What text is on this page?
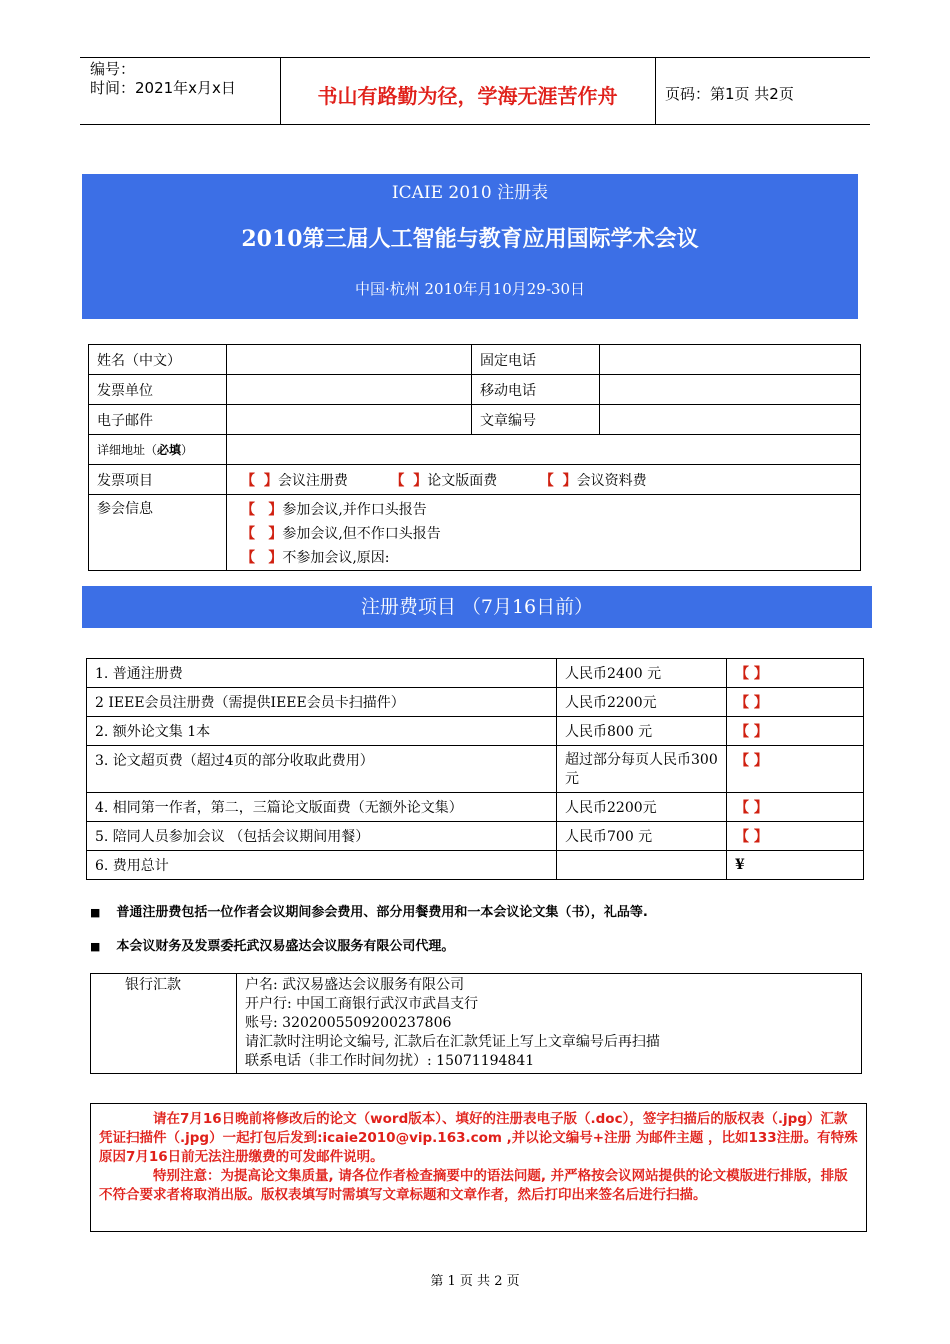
编号：
时间：2021年x月x日	书山有路勤为径，学海无涯苦作舟	页码：第1页 共2页
ICAIE 2010 注册表
2010第三届人工智能与教育应用国际学术会议
中国·杭州 2010年月10月29-30日
姓名（中文）		固定电话	
发票单位		移动电话	
电子邮件		文章编号	
详细地址（必填）			
发票项目	【 】会议注册费 【 】论文版面费 【 】会议资料费		
参会信息	【 】参加会议,并作口头报告
【 】参加会议,但不作口头报告
【 】不参加会议,原因:		
注册费项目 （7月16日前）
1. 普通注册费	人民币2400 元	【 】
2 IEEE会员注册费（需提供IEEE会员卡扫描件）	人民币2200元	【 】
2. 额外论文集 1本	人民币800 元	【 】
3. 论文超页费（超过4页的部分收取此费用）	超过部分每页人民币300元	【 】
4. 相同第一作者，第二，三篇论文版面费（无额外论文集）	人民币2200元	【 】
5. 陪同人员参加会议 （包括会议期间用餐）	人民币700 元	【 】
6. 费用总计		¥
■ 普通注册费包括一位作者会议期间参会费用、部分用餐费用和一本会议论文集（书），礼品等.
■ 本会议财务及发票委托武汉易盛达会议服务有限公司代理。
银行汇款	户名: 武汉易盛达会议服务有限公司
开户行: 中国工商银行武汉市武昌支行
账号: 3202005509200237806
请汇款时注明论文编号, 汇款后在汇款凭证上写上文章编号后再扫描
联系电话（非工作时间勿扰）: 15071194841

请在7月16日晚前将修改后的论文（word版本）、填好的注册表电子版（.doc），签字扫描后的版权表（.jpg）汇款凭证扫描件（.jpg）一起打包后发到:icaie2010@vip.163.com ,并以论文编号+注册 为邮件主题 ，比如133注册。有特殊原因7月16日前无法注册缴费的可发邮件说明。

特别注意：为提高论文集质量, 请各位作者检查摘要中的语法问题, 并严格按会议网站提供的论文模版进行排版，排版不符合要求者将取消出版。版权表填写时需填写文章标题和文章作者，然后打印出来签名后进行扫描。

第 1 页 共 2 页
